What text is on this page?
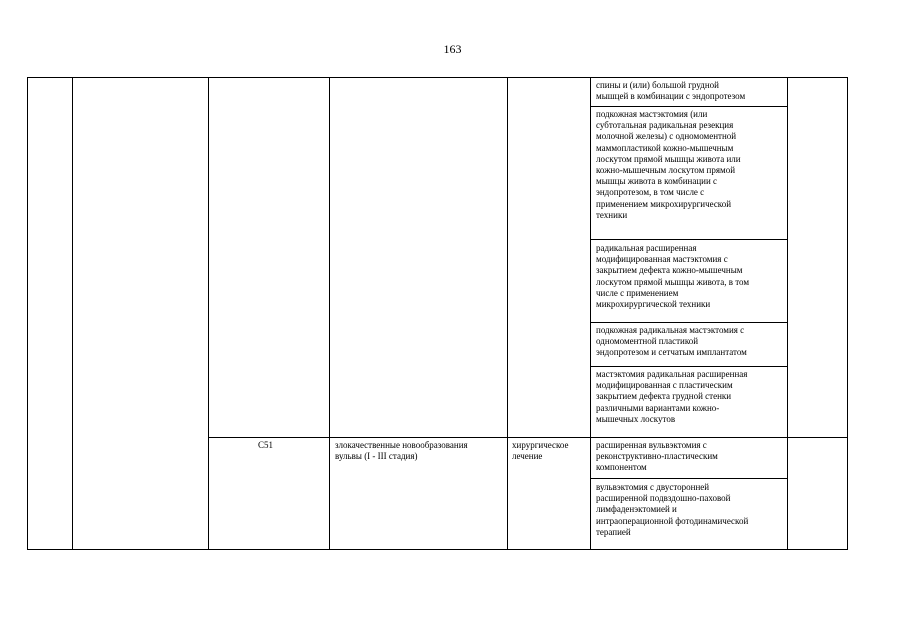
163
спины и (или) большой грудной
мышцей в комбинации с эндопротезом
подкожная мастэктомия (или
субтотальная радикальная резекция
молочной железы) с одномоментной
маммопластикой кожно-мышечным
лоскутом прямой мышцы живота или
кожно-мышечным лоскутом прямой
мышцы живота в комбинации с
эндопротезом, в том числе с
применением микрохирургической
техники
радикальная расширенная
модифицированная мастэктомия с
закрытием дефекта кожно-мышечным
лоскутом прямой мышцы живота, в том
числе с применением
микрохирургической техники
подкожная радикальная мастэктомия с
одномоментной пластикой
эндопротезом и сетчатым имплантатом
мастэктомия радикальная расширенная
модифицированная с пластическим
закрытием дефекта грудной стенки
различными вариантами кожно-
мышечных лоскутов
C51	злокачественные новообразования
вульвы (I - III стадия)
хирургическое
лечение
расширенная вульвэктомия с
реконструктивно-пластическим
компонентом
вульвэктомия с двусторонней
расширенной подвздошно-паховой
лимфаденэктомией и
интраоперационной фотодинамической
терапией
